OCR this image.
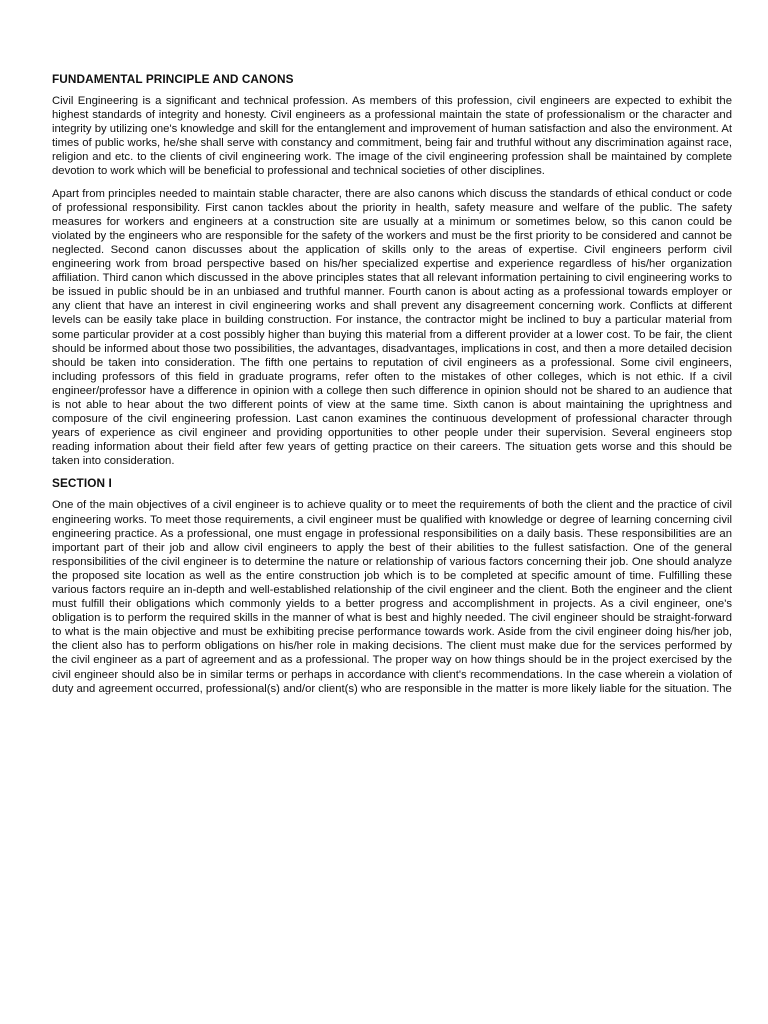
FUNDAMENTAL PRINCIPLE AND CANONS

Civil Engineering is a significant and technical profession. As members of this profession, civil engineers are expected to exhibit the highest standards of integrity and honesty. Civil engineers as a professional maintain the state of professionalism or the character and integrity by utilizing one's knowledge and skill for the entanglement and improvement of human satisfaction and also the environment. At times of public works, he/she shall serve with constancy and commitment, being fair and truthful without any discrimination against race, religion and etc. to the clients of civil engineering work. The image of the civil engineering profession shall be maintained by complete devotion to work which will be beneficial to professional and technical societies of other disciplines.

Apart from principles needed to maintain stable character, there are also canons which discuss the standards of ethical conduct or code of professional responsibility. First canon tackles about the priority in health, safety measure and welfare of the public. The safety measures for workers and engineers at a construction site are usually at a minimum or sometimes below, so this canon could be violated by the engineers who are responsible for the safety of the workers and must be the first priority to be considered and cannot be neglected. Second canon discusses about the application of skills only to the areas of expertise. Civil engineers perform civil engineering work from broad perspective based on his/her specialized expertise and experience regardless of his/her organization affiliation. Third canon which discussed in the above principles states that all relevant information pertaining to civil engineering works to be issued in public should be in an unbiased and truthful manner. Fourth canon is about acting as a professional towards employer or any client that have an interest in civil engineering works and shall prevent any disagreement concerning work. Conflicts at different levels can be easily take place in building construction. For instance, the contractor might be inclined to buy a particular material from some particular provider at a cost possibly higher than buying this material from a different provider at a lower cost. To be fair, the client should be informed about those two possibilities, the advantages, disadvantages, implications in cost, and then a more detailed decision should be taken into consideration. The fifth one pertains to reputation of civil engineers as a professional. Some civil engineers, including professors of this field in graduate programs, refer often to the mistakes of other colleges, which is not ethic. If a civil engineer/professor have a difference in opinion with a college then such difference in opinion should not be shared to an audience that is not able to hear about the two different points of view at the same time. Sixth canon is about maintaining the uprightness and composure of the civil engineering profession. Last canon examines the continuous development of professional character through years of experience as civil engineer and providing opportunities to other people under their supervision. Several engineers stop reading information about their field after few years of getting practice on their careers. The situation gets worse and this should be taken into consideration.

SECTION I

One of the main objectives of a civil engineer is to achieve quality or to meet the requirements of both the client and the practice of civil engineering works. To meet those requirements, a civil engineer must be qualified with knowledge or degree of learning concerning civil engineering practice. As a professional, one must engage in professional responsibilities on a daily basis. These responsibilities are an important part of their job and allow civil engineers to apply the best of their abilities to the fullest satisfaction. One of the general responsibilities of the civil engineer is to determine the nature or relationship of various factors concerning their job. One should analyze the proposed site location as well as the entire construction job which is to be completed at specific amount of time. Fulfilling these various factors require an in-depth and well-established relationship of the civil engineer and the client. Both the engineer and the client must fulfill their obligations which commonly yields to a better progress and accomplishment in projects. As a civil engineer, one's obligation is to perform the required skills in the manner of what is best and highly needed. The civil engineer should be straight-forward to what is the main objective and must be exhibiting precise performance towards work. Aside from the civil engineer doing his/her job, the client also has to perform obligations on his/her role in making decisions. The client must make due for the services performed by the civil engineer as a part of agreement and as a professional. The proper way on how things should be in the project exercised by the civil engineer should also be in similar terms or perhaps in accordance with client's recommendations. In the case wherein a violation of duty and agreement occurred, professional(s) and/or client(s) who are responsible in the matter is more likely liable for the situation. The
